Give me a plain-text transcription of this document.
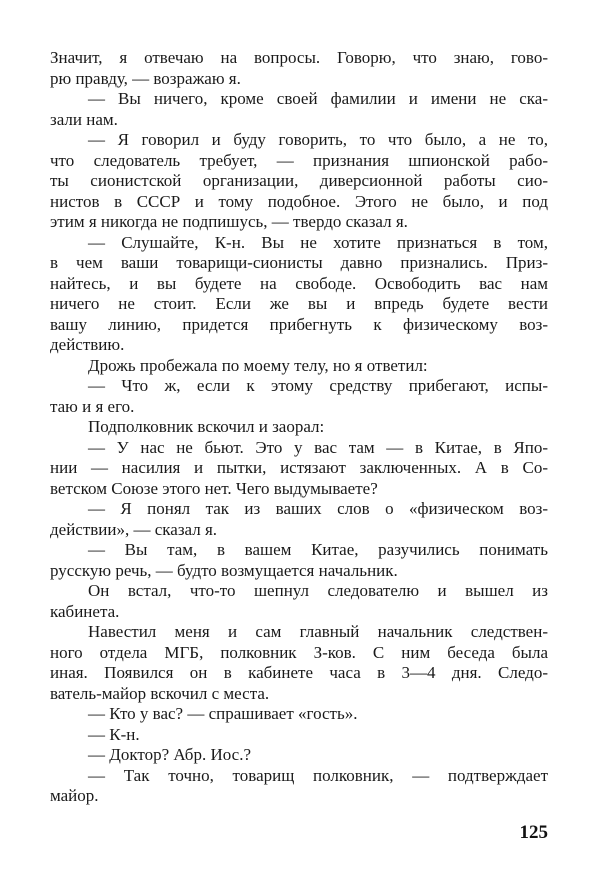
Значит, я отвечаю на вопросы. Говорю, что знаю, гово-
рю правду, — возражаю я.
— Вы ничего, кроме своей фамилии и имени не ска-
зали нам.
— Я говорил и буду говорить, то что было, а не то,
что следователь требует, — признания шпионской рабо-
ты сионистской организации, диверсионной работы сио-
нистов в СССР и тому подобное. Этого не было, и под
этим я никогда не подпишусь, — твердо сказал я.
— Слушайте, К-н. Вы не хотите признаться в том,
в чем ваши товарищи-сионисты давно признались. Приз-
найтесь, и вы будете на свободе. Освободить вас нам
ничего не стоит. Если же вы и впредь будете вести
вашу линию, придется прибегнуть к физическому воз-
действию.
Дрожь пробежала по моему телу, но я ответил:
— Что ж, если к этому средству прибегают, испы-
таю и я его.
Подполковник вскочил и заорал:
— У нас не бьют. Это у вас там — в Китае, в Япо-
нии — насилия и пытки, истязают заключенных. А в Со-
ветском Союзе этого нет. Чего выдумываете?
— Я понял так из ваших слов о «физическом воз-
действии», — сказал я.
— Вы там, в вашем Китае, разучились понимать
русскую речь, — будто возмущается начальник.
Он встал, что-то шепнул следователю и вышел из
кабинета.
Навестил меня и сам главный начальник следствен-
ного отдела МГБ, полковник З-ков. С ним беседа была
иная. Появился он в кабинете часа в 3—4 дня. Следо-
ватель-майор вскочил с места.
— Кто у вас? — спрашивает «гость».
— К-н.
— Доктор? Абр. Иос.?
— Так точно, товарищ полковник, — подтверждает
майор.
125
